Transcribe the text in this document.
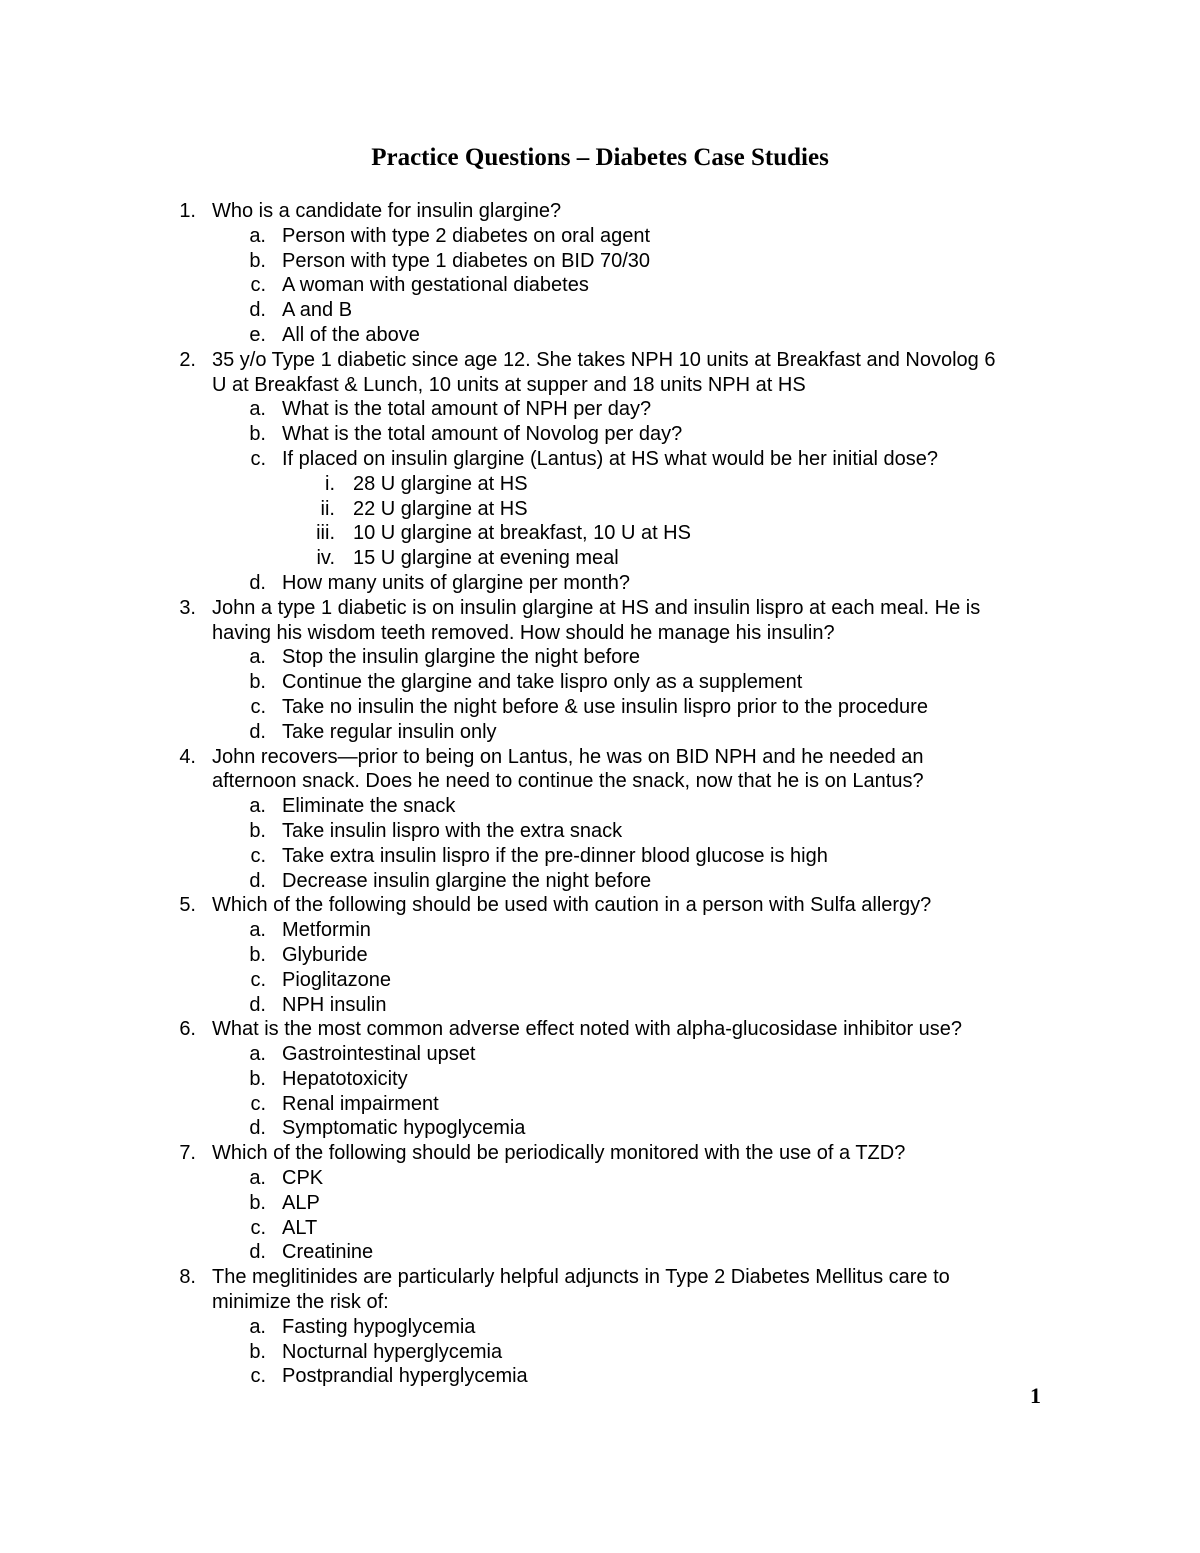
Practice Questions – Diabetes Case Studies
1. Who is a candidate for insulin glargine?
a. Person with type 2 diabetes on oral agent
b. Person with type 1 diabetes on BID 70/30
c. A woman with gestational diabetes
d. A and B
e. All of the above
2. 35 y/o Type 1 diabetic since age 12. She takes NPH 10 units at Breakfast and Novolog 6
U at Breakfast & Lunch, 10 units at supper and 18 units NPH at HS
a. What is the total amount of NPH per day?
b. What is the total amount of Novolog per day?
c. If placed on insulin glargine (Lantus) at HS what would be her initial dose?
i. 28 U glargine at HS
ii. 22 U glargine at HS
iii. 10 U glargine at breakfast, 10 U at HS
iv. 15 U glargine at evening meal
d. How many units of glargine per month?
3. John a type 1 diabetic is on insulin glargine at HS and insulin lispro at each meal. He is
having his wisdom teeth removed. How should he manage his insulin?
a. Stop the insulin glargine the night before
b. Continue the glargine and take lispro only as a supplement
c. Take no insulin the night before & use insulin lispro prior to the procedure
d. Take regular insulin only
4. John recovers—prior to being on Lantus, he was on BID NPH and he needed an
afternoon snack. Does he need to continue the snack, now that he is on Lantus?
a. Eliminate the snack
b. Take insulin lispro with the extra snack
c. Take extra insulin lispro if the pre-dinner blood glucose is high
d. Decrease insulin glargine the night before
5. Which of the following should be used with caution in a person with Sulfa allergy?
a. Metformin
b. Glyburide
c. Pioglitazone
d. NPH insulin
6. What is the most common adverse effect noted with alpha-glucosidase inhibitor use?
a. Gastrointestinal upset
b. Hepatotoxicity
c. Renal impairment
d. Symptomatic hypoglycemia
7. Which of the following should be periodically monitored with the use of a TZD?
a. CPK
b. ALP
c. ALT
d. Creatinine
8. The meglitinides are particularly helpful adjuncts in Type 2 Diabetes Mellitus care to
minimize the risk of:
a. Fasting hypoglycemia
b. Nocturnal hyperglycemia
c. Postprandial hyperglycemia
1
